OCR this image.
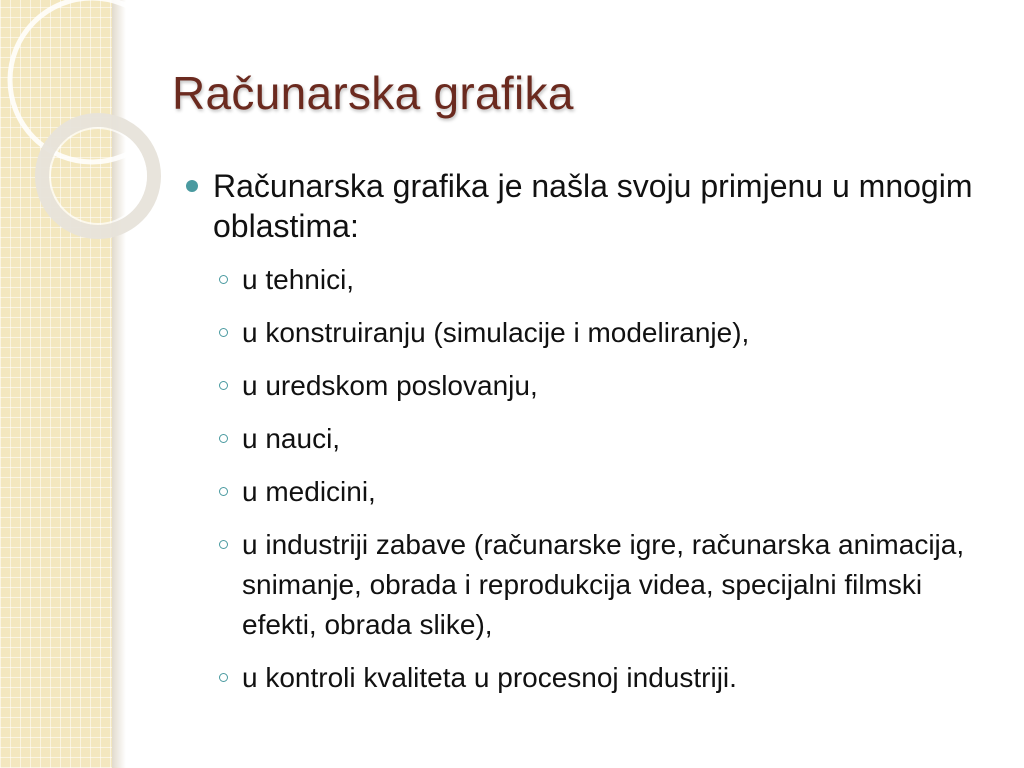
Računarska grafika
Računarska grafika je našla svoju primjenu u mnogim oblastima:
u tehnici,
u konstruiranju (simulacije i modeliranje),
u uredskom poslovanju,
u nauci,
u medicini,
u industriji zabave (računarske igre, računarska animacija, snimanje, obrada i reprodukcija videa, specijalni filmski efekti, obrada slike),
u kontroli kvaliteta u procesnoj industriji.
